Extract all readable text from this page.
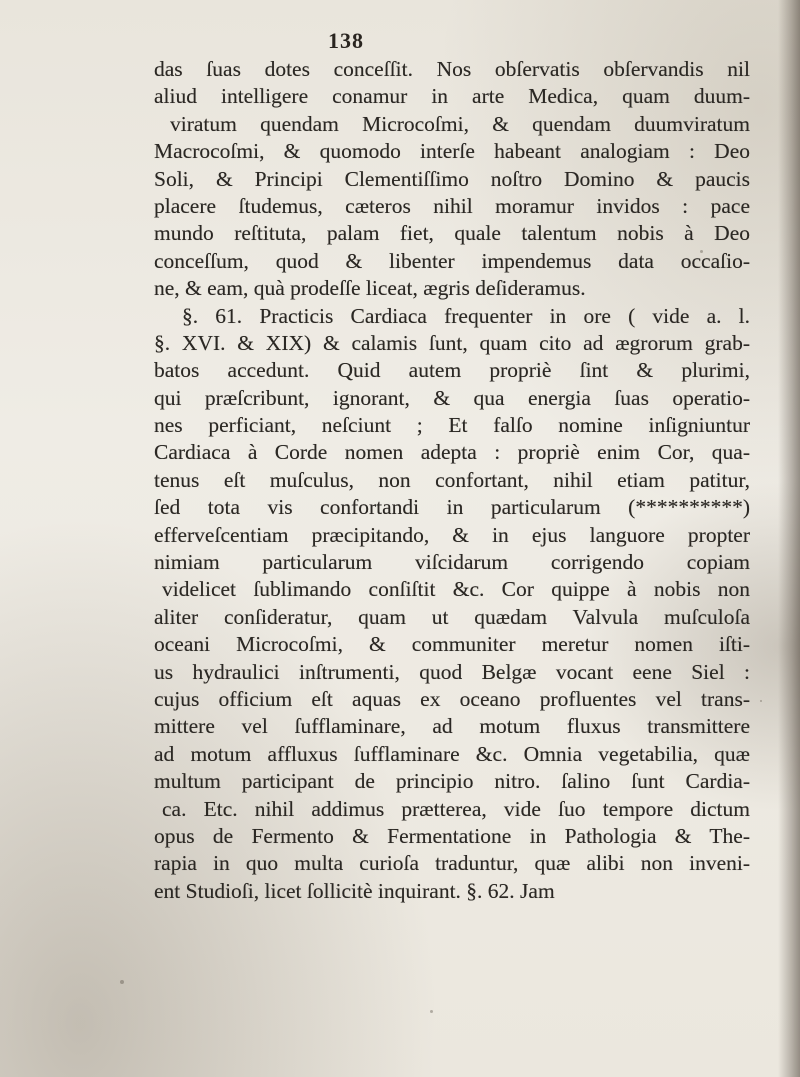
138
das ſuas dotes conceſſit. Nos obſervatis obſervandis nil
aliud intelligere conamur in arte Medica, quam duum-
viratum quendam Microcoſmi, & quendam duumviratum
Macrocoſmi, & quomodo interſe habeant analogiam : Deo
Soli, & Principi Clementiſſimo noſtro Domino & paucis
placere ſtudemus, cæteros nihil moramur invidos : pace
mundo reſtituta, palam fiet, quale talentum nobis à Deo
conceſſum, quod & libenter impendemus data occaſio-
ne, & eam, quà prodeſſe liceat, ægris deſideramus.
§. 61. Practicis Cardiaca frequenter in ore ( vide a. l.
§. XVI. & XIX) & calamis ſunt, quam cito ad ægrorum grab-
batos accedunt. Quid autem propriè ſint & plurimi,
qui præſcribunt, ignorant, & qua energia ſuas operatio-
nes perficiant, neſciunt ; Et falſo nomine inſigniuntur
Cardiaca à Corde nomen adepta : propriè enim Cor, qua-
tenus eſt muſculus, non confortant, nihil etiam patitur,
ſed tota vis confortandi in particularum (**********)
efferveſcentiam præcipitando, & in ejus languore propter
nimiam particularum viſcidarum corrigendo copiam
videlicet ſublimando conſiſtit &c. Cor quippe à nobis non
aliter conſideratur, quam ut quædam Valvula muſculoſa
oceani Microcoſmi, & communiter meretur nomen iſti-
us hydraulici inſtrumenti, quod Belgæ vocant eene Siel :
cujus officium eſt aquas ex oceano profluentes vel trans-
mittere vel ſufflaminare, ad motum fluxus transmittere
ad motum affluxus ſufflaminare &c. Omnia vegetabilia, quæ
multum participant de principio nitro. ſalino ſunt Cardia-
ca. Etc. nihil addimus prætterea, vide ſuo tempore dictum
opus de Fermento & Fermentatione in Pathologia & The-
rapia in quo multa curioſa traduntur, quæ alibi non inveni-
ent Studioſi, licet ſollicitè inquirant. §. 62. Jam
